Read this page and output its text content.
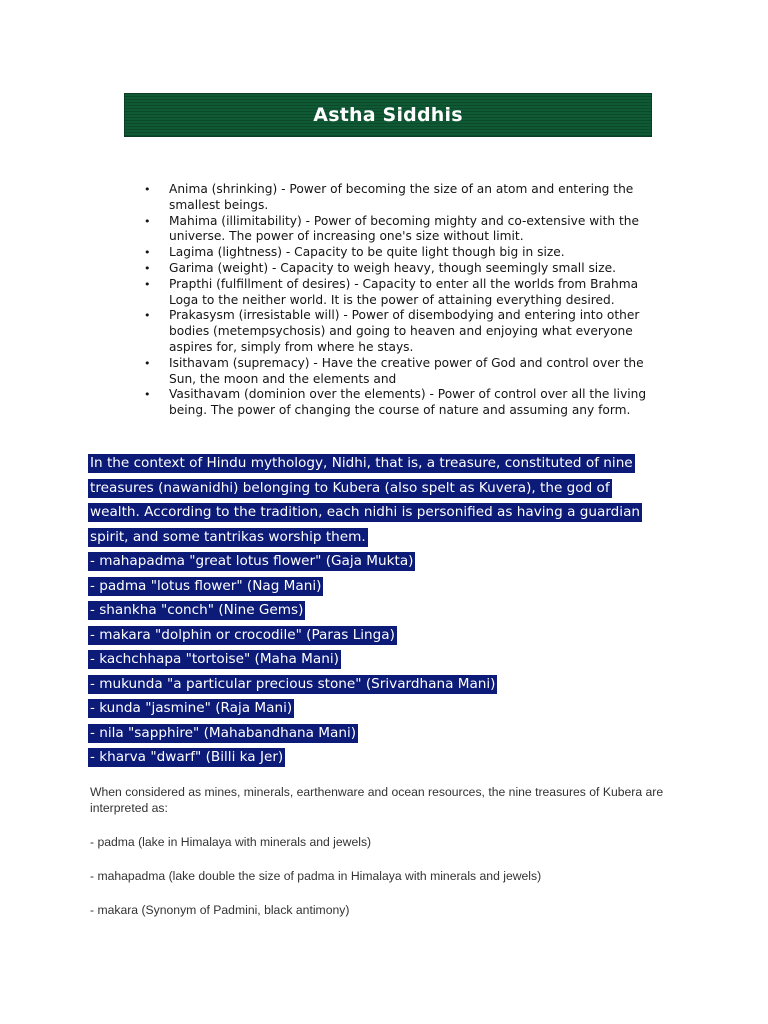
Astha Siddhis
• Anima (shrinking) - Power of becoming the size of an atom and entering the smallest beings.
• Mahima (illimitability) - Power of becoming mighty and co-extensive with the universe. The power of increasing one's size without limit.
• Lagima (lightness) - Capacity to be quite light though big in size.
• Garima (weight) - Capacity to weigh heavy, though seemingly small size.
• Prapthi (fulfillment of desires) - Capacity to enter all the worlds from Brahma Loga to the neither world. It is the power of attaining everything desired.
• Prakasysm (irresistable will) - Power of disembodying and entering into other bodies (metempsychosis) and going to heaven and enjoying what everyone aspires for, simply from where he stays.
• Isithavam (supremacy) - Have the creative power of God and control over the Sun, the moon and the elements and
• Vasithavam (dominion over the elements) - Power of control over all the living being. The power of changing the course of nature and assuming any form.
In the context of Hindu mythology, Nidhi, that is, a treasure, constituted of nine
treasures (nawanidhi) belonging to Kubera (also spelt as Kuvera), the god of
wealth. According to the tradition, each nidhi is personified as having a guardian
spirit, and some tantrikas worship them.
- mahapadma "great lotus flower" (Gaja Mukta)
- padma "lotus flower" (Nag Mani)
- shankha "conch" (Nine Gems)
- makara "dolphin or crocodile" (Paras Linga)
- kachchhapa "tortoise" (Maha Mani)
- mukunda "a particular precious stone" (Srivardhana Mani)
- kunda "jasmine" (Raja Mani)
- nila "sapphire" (Mahabandhana Mani)
- kharva "dwarf" (Billi ka Jer)

When considered as mines, minerals, earthenware and ocean resources, the nine treasures of Kubera are interpreted as:

- padma (lake in Himalaya with minerals and jewels)

- mahapadma (lake double the size of padma in Himalaya with minerals and jewels)

- makara (Synonym of Padmini, black antimony)
